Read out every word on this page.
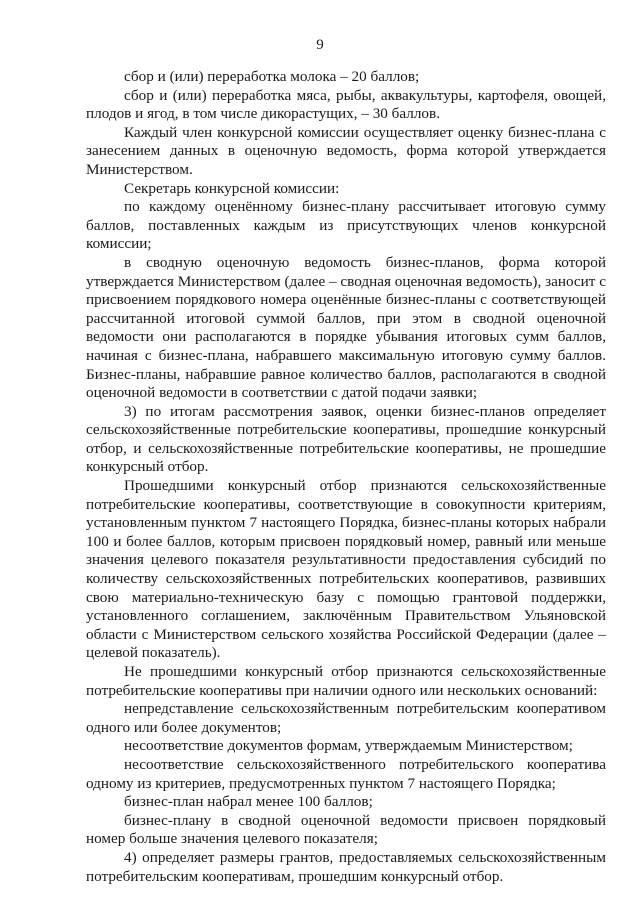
9

сбор и (или) переработка молока – 20 баллов;

сбор и (или) переработка мяса, рыбы, аквакультуры, картофеля, овощей, плодов и ягод, в том числе дикорастущих, – 30 баллов.

Каждый член конкурсной комиссии осуществляет оценку бизнес-плана с занесением данных в оценочную ведомость, форма которой утверждается Министерством.

Секретарь конкурсной комиссии:

по каждому оценённому бизнес-плану рассчитывает итоговую сумму баллов, поставленных каждым из присутствующих членов конкурсной комиссии;

в сводную оценочную ведомость бизнес-планов, форма которой утверждается Министерством (далее – сводная оценочная ведомость), заносит с присвоением порядкового номера оценённые бизнес-планы с соответствующей рассчитанной итоговой суммой баллов, при этом в сводной оценочной ведомости они располагаются в порядке убывания итоговых сумм баллов, начиная с бизнес-плана, набравшего максимальную итоговую сумму баллов. Бизнес-планы, набравшие равное количество баллов, располагаются в сводной оценочной ведомости в соответствии с датой подачи заявки;

3) по итогам рассмотрения заявок, оценки бизнес-планов определяет сельскохозяйственные потребительские кооперативы, прошедшие конкурсный отбор, и сельскохозяйственные потребительские кооперативы, не прошедшие конкурсный отбор.

Прошедшими конкурсный отбор признаются сельскохозяйственные потребительские кооперативы, соответствующие в совокупности критериям, установленным пунктом 7 настоящего Порядка, бизнес-планы которых набрали 100 и более баллов, которым присвоен порядковый номер, равный или меньше значения целевого показателя результативности предоставления субсидий по количеству сельскохозяйственных потребительских кооперативов, развивших свою материально-техническую базу с помощью грантовой поддержки, установленного соглашением, заключённым Правительством Ульяновской области с Министерством сельского хозяйства Российской Федерации (далее – целевой показатель).

Не прошедшими конкурсный отбор признаются сельскохозяйственные потребительские кооперативы при наличии одного или нескольких оснований:

непредставление сельскохозяйственным потребительским кооперативом одного или более документов;

несоответствие документов формам, утверждаемым Министерством;

несоответствие сельскохозяйственного потребительского кооператива одному из критериев, предусмотренных пунктом 7 настоящего Порядка;

бизнес-план набрал менее 100 баллов;

бизнес-плану в сводной оценочной ведомости присвоен порядковый номер больше значения целевого показателя;

4) определяет размеры грантов, предоставляемых сельскохозяйственным потребительским кооперативам, прошедшим конкурсный отбор.
